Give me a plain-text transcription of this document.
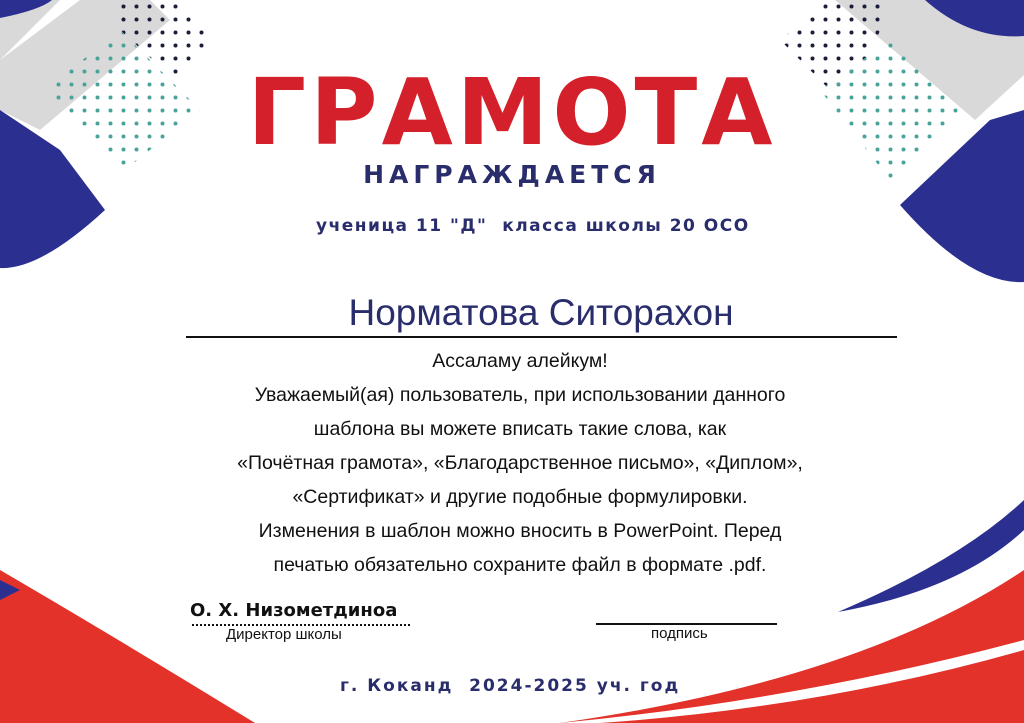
ГРАМОТА
НАГРАЖДАЕТСЯ
ученица 11 "Д"  класса школы 20 ОСО
Норматова Ситорахон
Ассаламу алейкум!
Уважаемый(ая) пользователь, при использовании данного
шаблона вы можете вписать такие слова, как
«Почётная грамота», «Благодарственное письмо», «Диплом»,
«Сертификат» и другие подобные формулировки.
Изменения в шаблон можно вносить в PowerPoint. Перед
печатью обязательно сохраните файл в формате .pdf.
О. Х. Низометдиноа
Директор школы	подпись
г. Коканд  2024-2025 уч. год
